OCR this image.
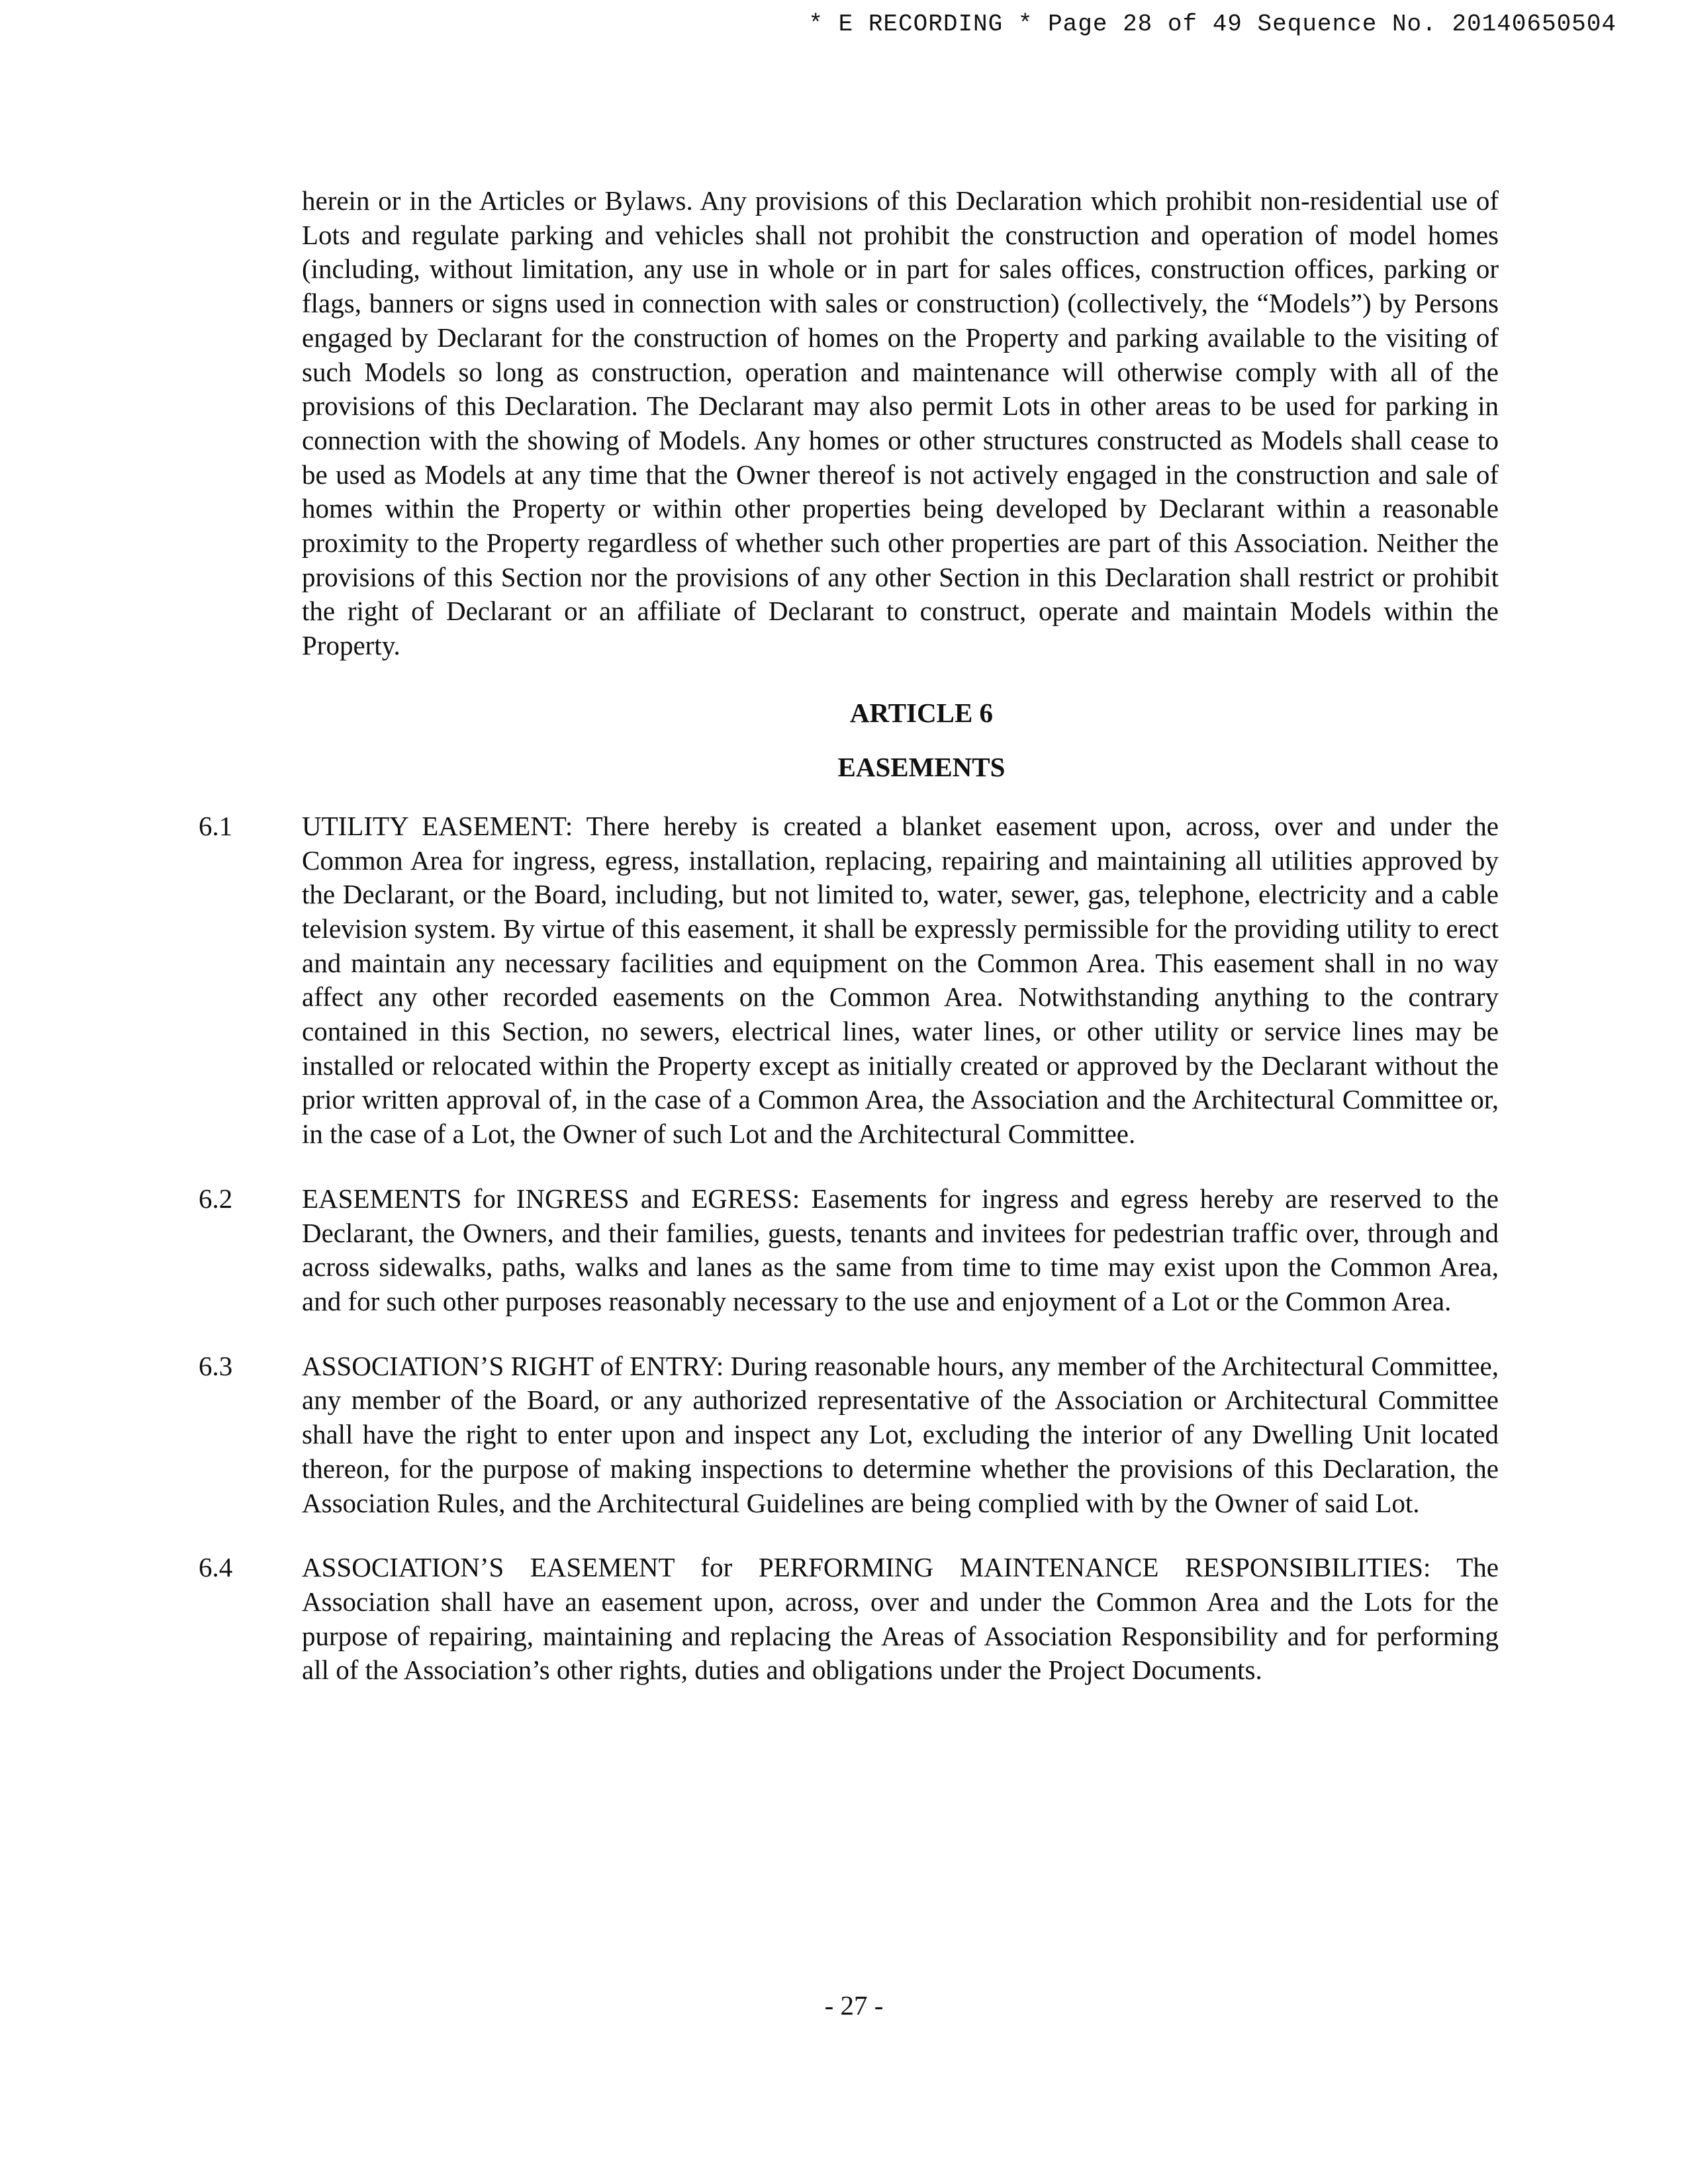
* E RECORDING * Page 28 of 49 Sequence No. 20140650504

herein or in the Articles or Bylaws. Any provisions of this Declaration which prohibit non-residential use of Lots and regulate parking and vehicles shall not prohibit the construction and operation of model homes (including, without limitation, any use in whole or in part for sales offices, construction offices, parking or flags, banners or signs used in connection with sales or construction) (collectively, the “Models”) by Persons engaged by Declarant for the construction of homes on the Property and parking available to the visiting of such Models so long as construction, operation and maintenance will otherwise comply with all of the provisions of this Declaration. The Declarant may also permit Lots in other areas to be used for parking in connection with the showing of Models. Any homes or other structures constructed as Models shall cease to be used as Models at any time that the Owner thereof is not actively engaged in the construction and sale of homes within the Property or within other properties being developed by Declarant within a reasonable proximity to the Property regardless of whether such other properties are part of this Association. Neither the provisions of this Section nor the provisions of any other Section in this Declaration shall restrict or prohibit the right of Declarant or an affiliate of Declarant to construct, operate and maintain Models within the Property.

ARTICLE 6
EASEMENTS
6.1	UTILITY EASEMENT: There hereby is created a blanket easement upon, across, over and under the Common Area for ingress, egress, installation, replacing, repairing and maintaining all utilities approved by the Declarant, or the Board, including, but not limited to, water, sewer, gas, telephone, electricity and a cable television system. By virtue of this easement, it shall be expressly permissible for the providing utility to erect and maintain any necessary facilities and equipment on the Common Area. This easement shall in no way affect any other recorded easements on the Common Area. Notwithstanding anything to the contrary contained in this Section, no sewers, electrical lines, water lines, or other utility or service lines may be installed or relocated within the Property except as initially created or approved by the Declarant without the prior written approval of, in the case of a Common Area, the Association and the Architectural Committee or, in the case of a Lot, the Owner of such Lot and the Architectural Committee.

6.2	EASEMENTS for INGRESS and EGRESS: Easements for ingress and egress hereby are reserved to the Declarant, the Owners, and their families, guests, tenants and invitees for pedestrian traffic over, through and across sidewalks, paths, walks and lanes as the same from time to time may exist upon the Common Area, and for such other purposes reasonably necessary to the use and enjoyment of a Lot or the Common Area.

6.3	ASSOCIATION’S RIGHT of ENTRY: During reasonable hours, any member of the Architectural Committee, any member of the Board, or any authorized representative of the Association or Architectural Committee shall have the right to enter upon and inspect any Lot, excluding the interior of any Dwelling Unit located thereon, for the purpose of making inspections to determine whether the provisions of this Declaration, the Association Rules, and the Architectural Guidelines are being complied with by the Owner of said Lot.

6.4	ASSOCIATION’S EASEMENT for PERFORMING MAINTENANCE RESPONSIBILITIES: The Association shall have an easement upon, across, over and under the Common Area and the Lots for the purpose of repairing, maintaining and replacing the Areas of Association Responsibility and for performing all of the Association’s other rights, duties and obligations under the Project Documents.

- 27 -
